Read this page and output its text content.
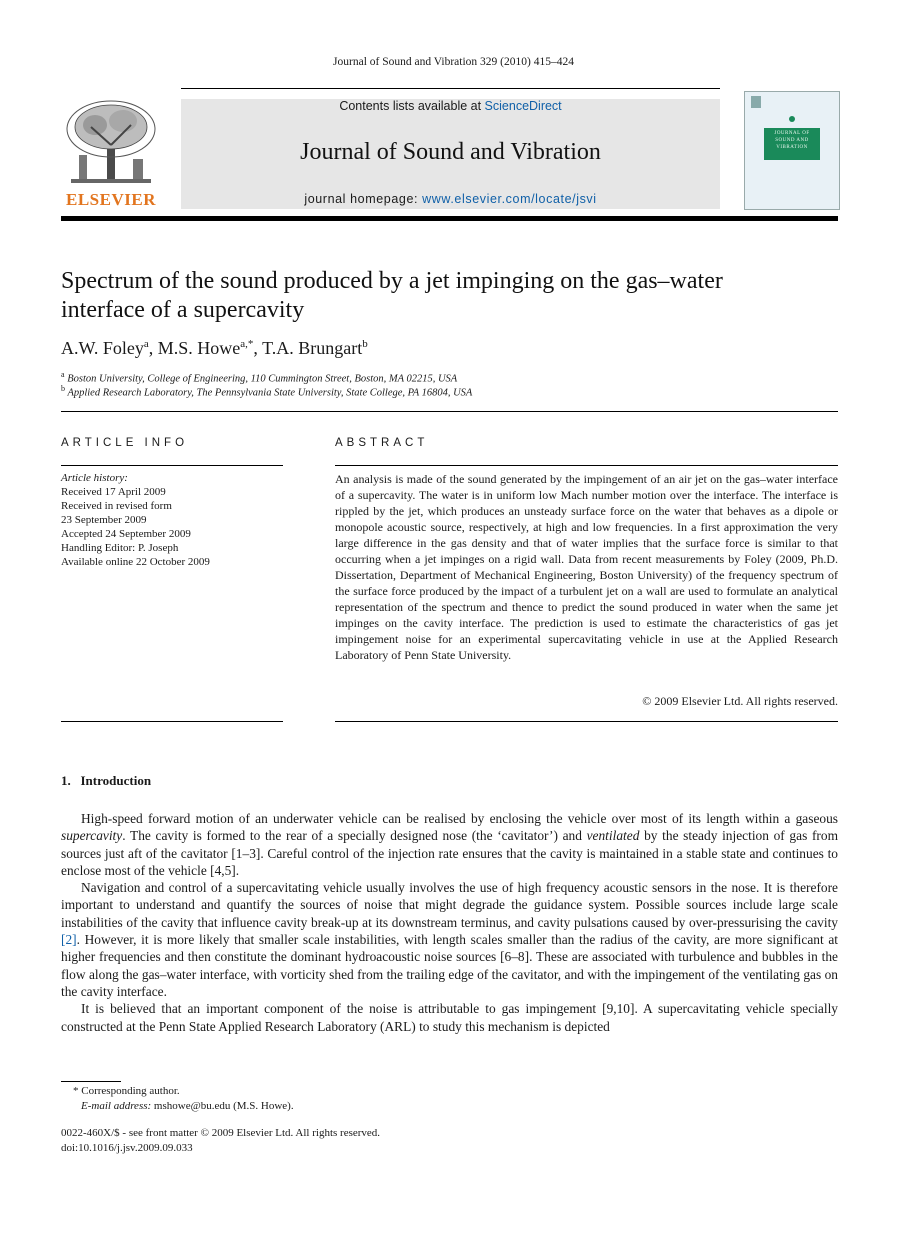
Journal of Sound and Vibration 329 (2010) 415–424
ELSEVIER
Contents lists available at ScienceDirect
Journal of Sound and Vibration
journal homepage: www.elsevier.com/locate/jsvi
JOURNAL OF SOUND AND VIBRATION
Spectrum of the sound produced by a jet impinging on the gas–water
interface of a supercavity
A.W. Foley$^a$, M.S. Howe$^{a,*}$, T.A. Brungart$^b$
$^a$ Boston University, College of Engineering, 110 Cummington Street, Boston, MA 02215, USA
$^b$ Applied Research Laboratory, The Pennsylvania State University, State College, PA 16804, USA
ARTICLE INFO
Article history:
Received 17 April 2009
Received in revised form
23 September 2009
Accepted 24 September 2009
Handling Editor: P. Joseph
Available online 22 October 2009
ABSTRACT
An analysis is made of the sound generated by the impingement of an air jet on the gas–water interface of a supercavity. The water is in uniform low Mach number motion over the interface. The interface is rippled by the jet, which produces an unsteady surface force on the water that behaves as a dipole or monopole acoustic source, respectively, at high and low frequencies. In a first approximation the very large difference in the gas density and that of water implies that the surface force is similar to that occurring when a jet impinges on a rigid wall. Data from recent measurements by Foley (2009, Ph.D. Dissertation, Department of Mechanical Engineering, Boston University) of the frequency spectrum of the surface force produced by the impact of a turbulent jet on a wall are used to formulate an analytical representation of the spectrum and thence to predict the sound produced in water when the same jet impinges on the cavity interface. The prediction is used to estimate the characteristics of gas jet impingement noise for an experimental supercavitating vehicle in use at the Applied Research Laboratory of Penn State University.
© 2009 Elsevier Ltd. All rights reserved.
1. Introduction

High-speed forward motion of an underwater vehicle can be realised by enclosing the vehicle over most of its length within a gaseous supercavity. The cavity is formed to the rear of a specially designed nose (the ‘cavitator’) and ventilated by the steady injection of gas from sources just aft of the cavitator [1–3]. Careful control of the injection rate ensures that the cavity is maintained in a stable state and continues to enclose most of the vehicle [4,5].

Navigation and control of a supercavitating vehicle usually involves the use of high frequency acoustic sensors in the nose. It is therefore important to understand and quantify the sources of noise that might degrade the guidance system. Possible sources include large scale instabilities of the cavity that influence cavity break-up at its downstream terminus, and cavity pulsations caused by over-pressurising the cavity [2]. However, it is more likely that smaller scale instabilities, with length scales smaller than the radius of the cavity, are more significant at higher frequencies and then constitute the dominant hydroacoustic noise sources [6–8]. These are associated with turbulence and bubbles in the flow along the gas–water interface, with vorticity shed from the trailing edge of the cavitator, and with the impingement of the ventilating gas on the cavity interface.

It is believed that an important component of the noise is attributable to gas impingement [9,10]. A supercavitating vehicle specially constructed at the Penn State Applied Research Laboratory (ARL) to study this mechanism is depicted

* Corresponding author.
E-mail address: mshowe@bu.edu (M.S. Howe).
0022-460X/$ - see front matter © 2009 Elsevier Ltd. All rights reserved.
doi:10.1016/j.jsv.2009.09.033
